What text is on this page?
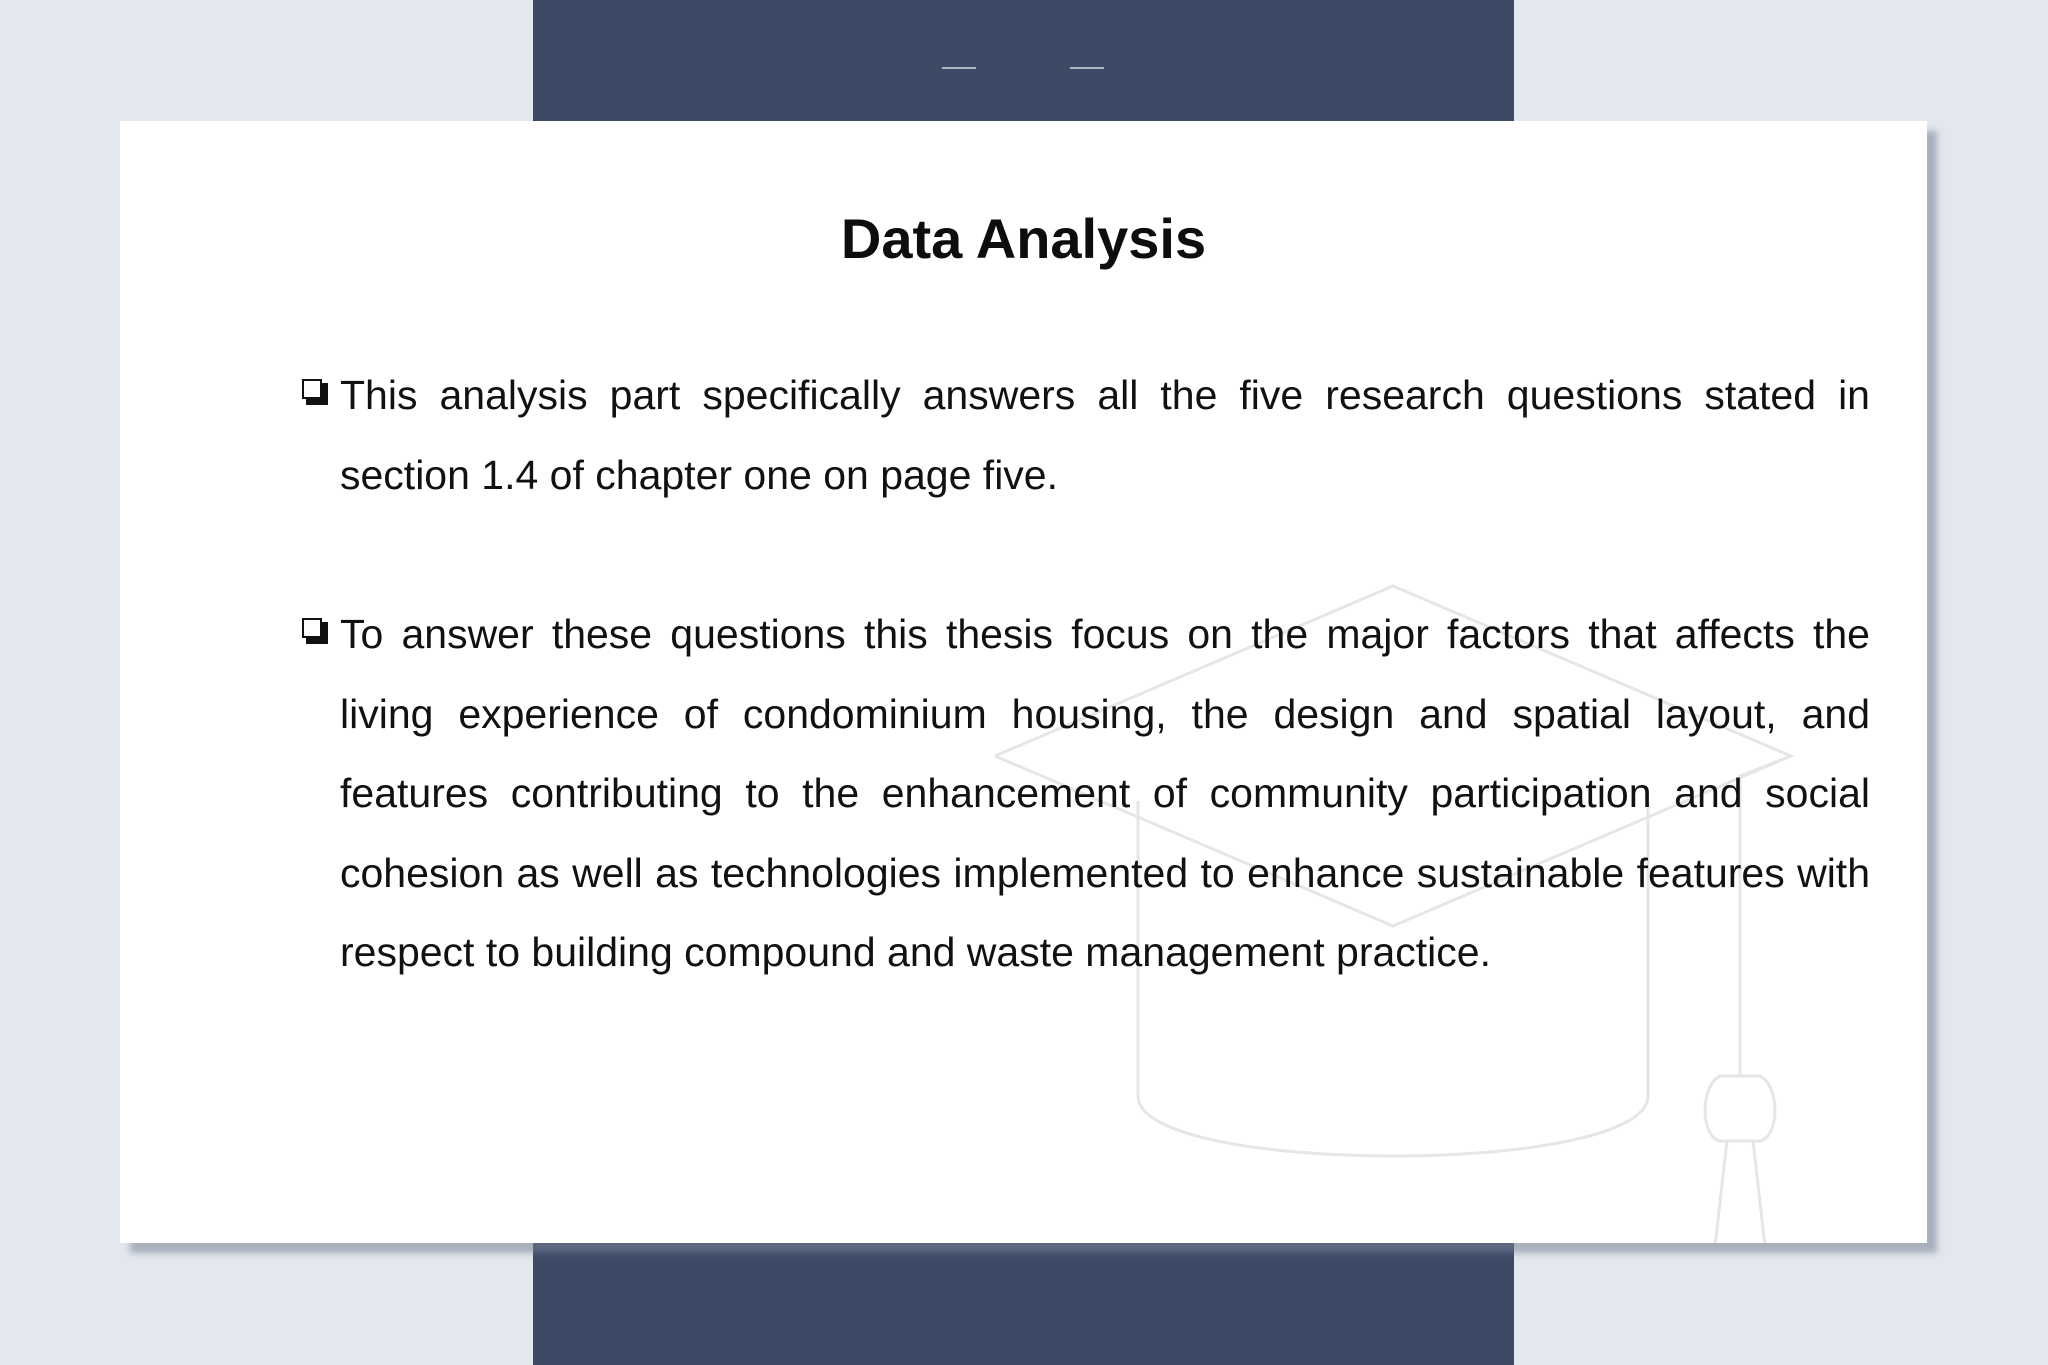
Data Analysis
This analysis part specifically answers all the five research questions stated in section 1.4 of chapter one on page five.
To answer these questions this thesis focus on the major factors that affects the living experience of condominium housing, the design and spatial layout, and features contributing to the enhancement of community participation and social cohesion as well as technologies implemented to enhance sustainable features with respect to building compound and waste management practice.
